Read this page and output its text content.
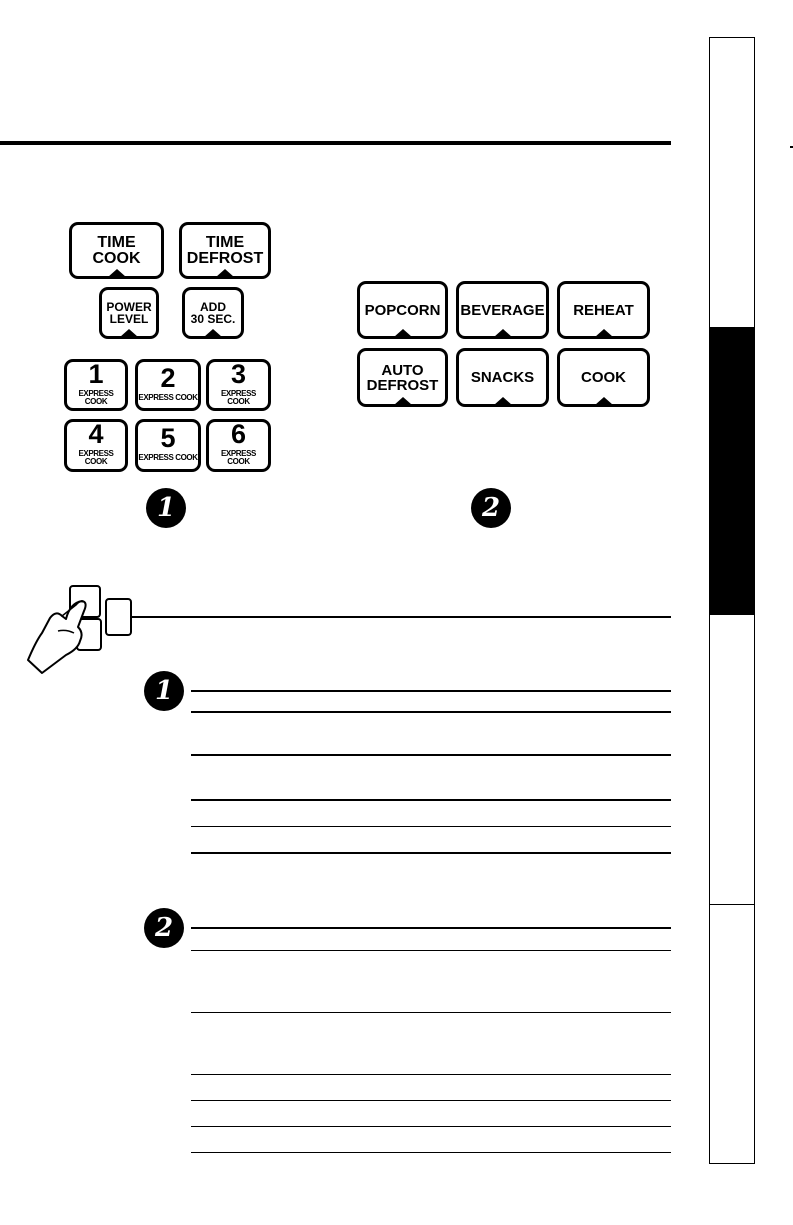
TIME
COOK
TIME
DEFROST
POWER
LEVEL
ADD
30 SEC.
1
EXPRESS COOK
2
EXPRESS COOK
3
EXPRESS COOK
4
EXPRESS COOK
5
EXPRESS COOK
6
EXPRESS COOK
1
POPCORN BEVERAGE REHEAT
AUTO
DEFROST SNACKS	COOK
2
1
2
